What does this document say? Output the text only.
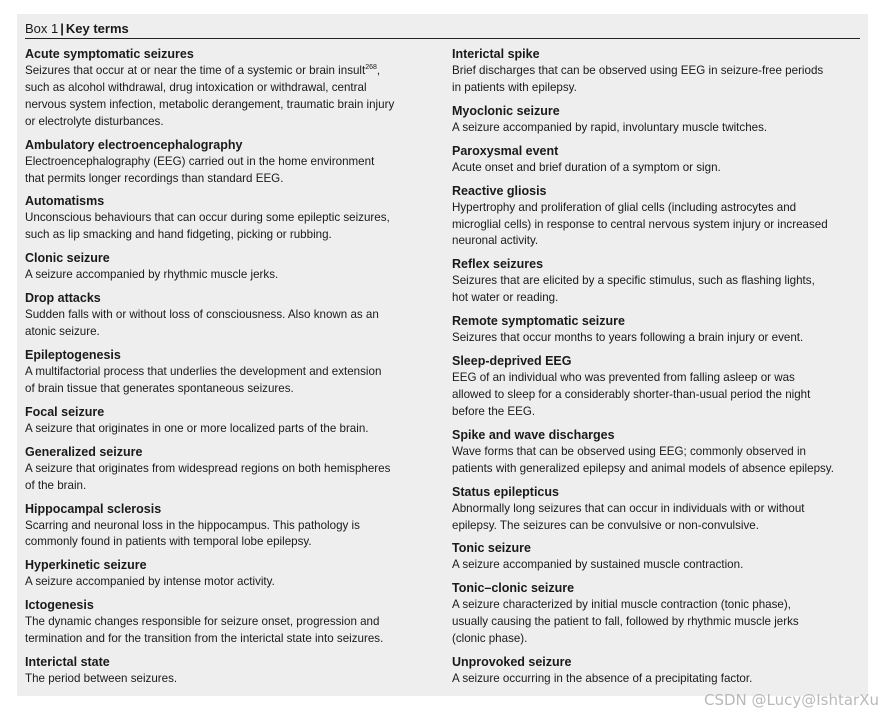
Box 1 | Key terms
Acute symptomatic seizures
Seizures that occur at or near the time of a systemic or brain insult$^{268}$,
such as alcohol withdrawal, drug intoxication or withdrawal, central
nervous system infection, metabolic derangement, traumatic brain injury
or electrolyte disturbances.
Ambulatory electroencephalography
Electroencephalography (EEG) carried out in the home environment
that permits longer recordings than standard EEG.
Automatisms
Unconscious behaviours that can occur during some epileptic seizures,
such as lip smacking and hand fidgeting, picking or rubbing.
Clonic seizure
A seizure accompanied by rhythmic muscle jerks.
Drop attacks
Sudden falls with or without loss of consciousness. Also known as an
atonic seizure.
Epileptogenesis
A multifactorial process that underlies the development and extension
of brain tissue that generates spontaneous seizures.
Focal seizure
A seizure that originates in one or more localized parts of the brain.
Generalized seizure
A seizure that originates from widespread regions on both hemispheres
of the brain.
Hippocampal sclerosis
Scarring and neuronal loss in the hippocampus. This pathology is
commonly found in patients with temporal lobe epilepsy.
Hyperkinetic seizure
A seizure accompanied by intense motor activity.
Ictogenesis
The dynamic changes responsible for seizure onset, progression and
termination and for the transition from the interictal state into seizures.
Interictal state
The period between seizures.
Interictal spike
Brief discharges that can be observed using EEG in seizure-free periods
in patients with epilepsy.
Myoclonic seizure
A seizure accompanied by rapid, involuntary muscle twitches.
Paroxysmal event
Acute onset and brief duration of a symptom or sign.
Reactive gliosis
Hypertrophy and proliferation of glial cells (including astrocytes and
microglial cells) in response to central nervous system injury or increased
neuronal activity.
Reflex seizures
Seizures that are elicited by a specific stimulus, such as flashing lights,
hot water or reading.
Remote symptomatic seizure
Seizures that occur months to years following a brain injury or event.
Sleep-deprived EEG
EEG of an individual who was prevented from falling asleep or was
allowed to sleep for a considerably shorter-than-usual period the night
before the EEG.
Spike and wave discharges
Wave forms that can be observed using EEG; commonly observed in
patients with generalized epilepsy and animal models of absence epilepsy.
Status epilepticus
Abnormally long seizures that can occur in individuals with or without
epilepsy. The seizures can be convulsive or non-convulsive.
Tonic seizure
A seizure accompanied by sustained muscle contraction.
Tonic–clonic seizure
A seizure characterized by initial muscle contraction (tonic phase),
usually causing the patient to fall, followed by rhythmic muscle jerks
(clonic phase).
Unprovoked seizure
A seizure occurring in the absence of a precipitating factor.
CSDN @Lucy@IshtarXu
